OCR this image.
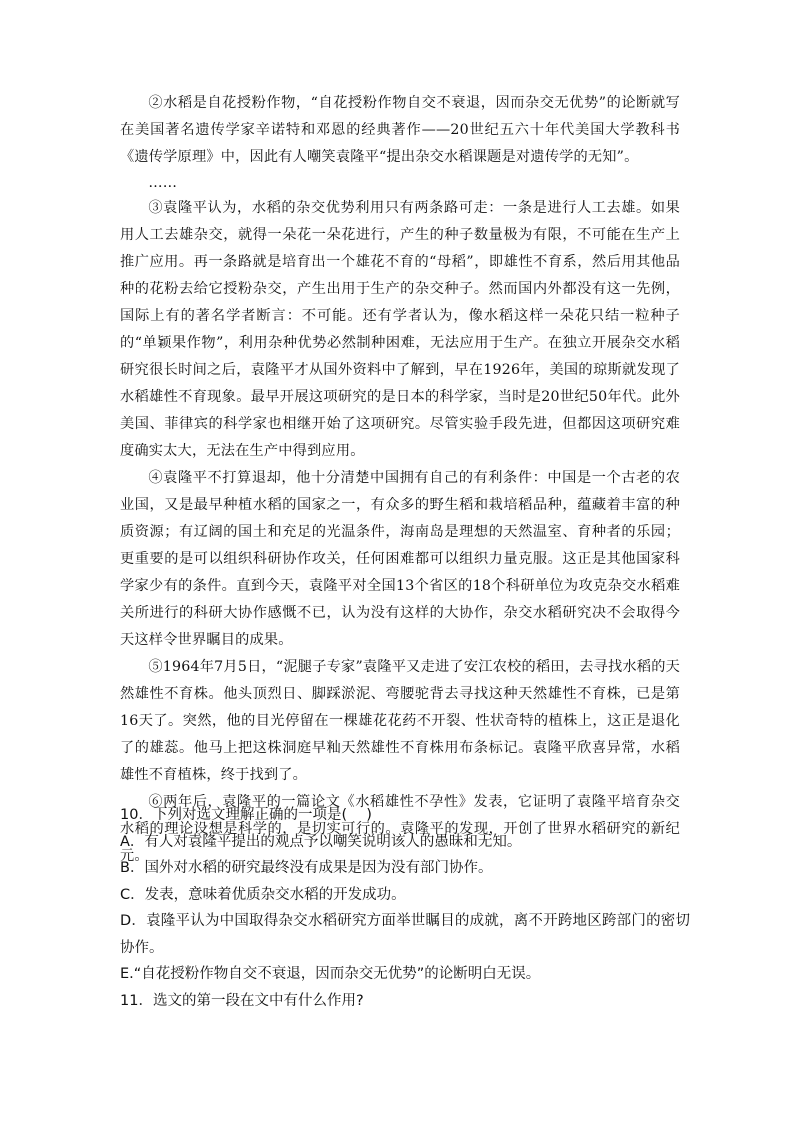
②水稻是自花授粉作物，“自花授粉作物自交不衰退，因而杂交无优势”的论断就写在美国著名遗传学家辛诺特和邓恩的经典著作——20世纪五六十年代美国大学教科书《遗传学原理》中，因此有人嘲笑袁隆平“提出杂交水稻课题是对遗传学的无知”。

……

③袁隆平认为，水稻的杂交优势利用只有两条路可走：一条是进行人工去雄。如果用人工去雄杂交，就得一朵花一朵花进行，产生的种子数量极为有限，不可能在生产上推广应用。再一条路就是培育出一个雄花不育的“母稻”，即雄性不育系，然后用其他品种的花粉去给它授粉杂交，产生出用于生产的杂交种子。然而国内外都没有这一先例，国际上有的著名学者断言：不可能。还有学者认为，像水稻这样一朵花只结一粒种子的“单颖果作物”，利用杂种优势必然制种困难，无法应用于生产。在独立开展杂交水稻研究很长时间之后，袁隆平才从国外资料中了解到，早在1926年，美国的琼斯就发现了水稻雄性不育现象。最早开展这项研究的是日本的科学家，当时是20世纪50年代。此外美国、菲律宾的科学家也相继开始了这项研究。尽管实验手段先进，但都因这项研究难度确实太大，无法在生产中得到应用。

④袁隆平不打算退却，他十分清楚中国拥有自己的有利条件：中国是一个古老的农业国，又是最早种植水稻的国家之一，有众多的野生稻和栽培稻品种，蕴藏着丰富的种质资源；有辽阔的国土和充足的光温条件，海南岛是理想的天然温室、育种者的乐园；更重要的是可以组织科研协作攻关，任何困难都可以组织力量克服。这正是其他国家科学家少有的条件。直到今天，袁隆平对全国13个省区的18个科研单位为攻克杂交水稻难关所进行的科研大协作感慨不已，认为没有这样的大协作，杂交水稻研究决不会取得今天这样令世界瞩目的成果。

⑤1964年7月5日，“泥腿子专家”袁隆平又走进了安江农校的稻田，去寻找水稻的天然雄性不育株。他头顶烈日、脚踩淤泥、弯腰驼背去寻找这种天然雄性不育株，已是第16天了。突然，他的目光停留在一棵雄花花药不开裂、性状奇特的植株上，这正是退化了的雄蕊。他马上把这株洞庭早籼天然雄性不育株用布条标记。袁隆平欣喜异常，水稻雄性不育植株，终于找到了。

⑥两年后，袁隆平的一篇论文《水稻雄性不孕性》发表，它证明了袁隆平培育杂交水稻的理论设想是科学的，是切实可行的。袁隆平的发现，开创了世界水稻研究的新纪元。

10．下列对选文理解正确的一项是(　 )

A．有人对袁隆平提出的观点予以嘲笑说明该人的愚昧和无知。

B．国外对水稻的研究最终没有成果是因为没有部门协作。

C．发表，意味着优质杂交水稻的开发成功。

D．袁隆平认为中国取得杂交水稻研究方面举世瞩目的成就，离不开跨地区跨部门的密切协作。

E.“自花授粉作物自交不衰退，因而杂交无优势”的论断明白无误。

11．选文的第一段在文中有什么作用?
